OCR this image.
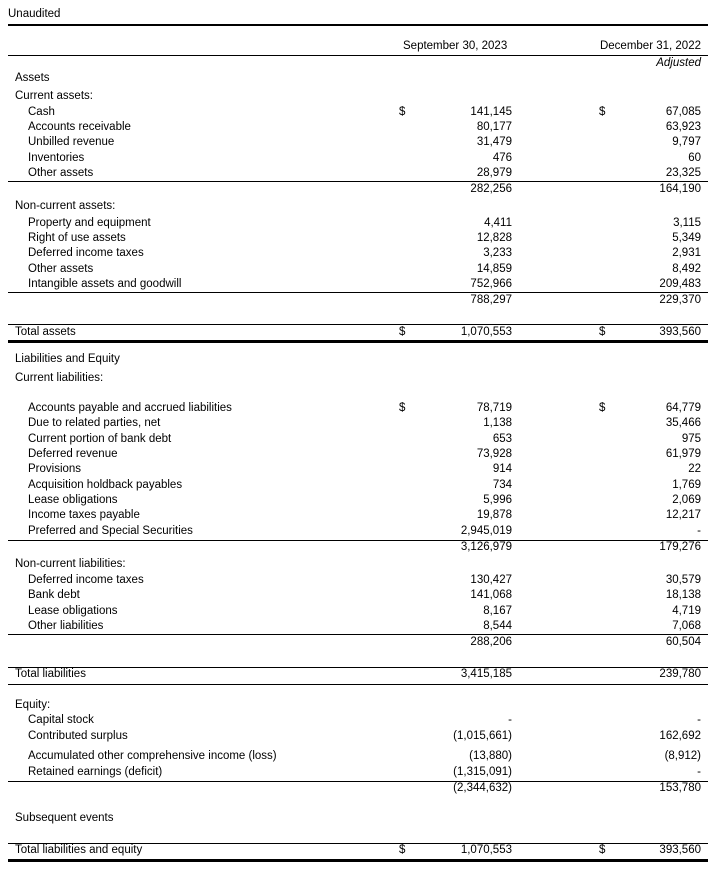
Unaudited
September 30, 2023	December 31, 2022
Adjusted
Assets
Current assets:
Cash	$	141,145	$	67,085
Accounts receivable	80,177	63,923
Unbilled revenue	31,479	9,797
Inventories	476	60
Other assets	28,979	23,325
282,256	164,190
Non-current assets:
Property and equipment	4,411	3,115
Right of use assets	12,828	5,349
Deferred income taxes	3,233	2,931
Other assets	14,859	8,492
Intangible assets and goodwill	752,966	209,483
788,297	229,370
Total assets	$	1,070,553	$	393,560
Liabilities and Equity
Current liabilities:
Accounts payable and accrued liabilities	$	78,719	$	64,779
Due to related parties, net	1,138	35,466
Current portion of bank debt	653	975
Deferred revenue	73,928	61,979
Provisions	914	22
Acquisition holdback payables	734	1,769
Lease obligations	5,996	2,069
Income taxes payable	19,878	12,217
Preferred and Special Securities	2,945,019	-
3,126,979	179,276
Non-current liabilities:
Deferred income taxes	130,427	30,579
Bank debt	141,068	18,138
Lease obligations	8,167	4,719
Other liabilities	8,544	7,068
288,206	60,504
Total liabilities	3,415,185	239,780
Equity:
Capital stock	-	-
Contributed surplus	(1,015,661)	162,692
Accumulated other comprehensive income (loss)	(13,880)	(8,912)
Retained earnings (deficit)	(1,315,091)	-
(2,344,632)	153,780
Subsequent events
Total liabilities and equity	$	1,070,553	$	393,560
